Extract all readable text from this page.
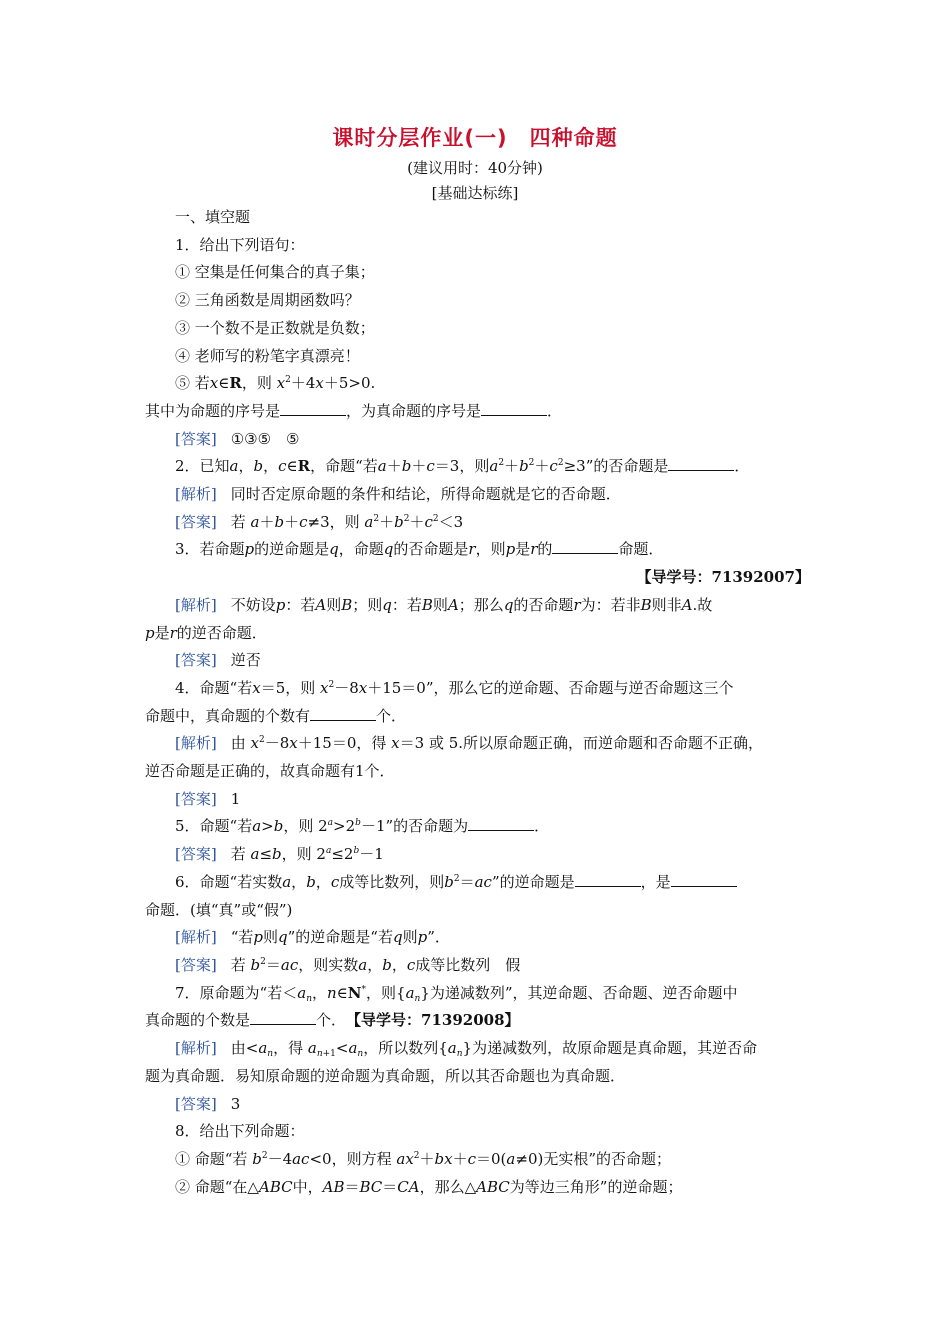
课时分层作业(一) 四种命题
(建议用时：40分钟)
[基础达标练]
一、填空题
1．给出下列语句：
① 空集是任何集合的真子集；
② 三角函数是周期函数吗？
③ 一个数不是正数就是负数；
④ 老师写的粉笔字真漂亮！
⑤ 若x∈R，则 $x^2+4x+5>0$.
其中为命题的序号是	，为真命题的序号是	．
[答案] ①③⑤　⑤
2．已知a，b，c∈R，命题“若a＋b＋c＝3，则$a^2+b^2+c^2\ge 3$”的否命题是	．
[解析] 同时否定原命题的条件和结论，所得命题就是它的否命题．
[答案] 若 a＋b＋c≠3，则 $a^2+b^2+c^2<3$
3．若命题p的逆命题是q，命题q的否命题是r，则p是r的	命题．
【导学号：71392007】
[解析] 不妨设p：若A则B；则q：若B则A；那么q的否命题r为：若非B则非A.故
p是r的逆否命题．
[答案] 逆否
4．命题“若x＝5，则 $x^2-8x+15=0$”，那么它的逆命题、否命题与逆否命题这三个
命题中，真命题的个数有	个．
[解析] 由 $x^2-8x+15=0$，得 x＝3 或 5.所以原命题正确，而逆命题和否命题不正确，
逆否命题是正确的，故真命题有1个．
[答案] 1
5．命题“若a>b，则 $2^a>2^b-1$”的否命题为	．
[答案] 若 a≤b，则 $2^a\le 2^b-1$
6．命题“若实数a，b，c成等比数列，则$b^2=ac$”的逆命题是	，是
命题．(填“真”或“假”)
[解析] “若p则q”的逆命题是“若q则p”．
[答案] 若 $b^2=ac$，则实数a，b，c成等比数列　假
7．原命题为“若$<a_n$，n∈N*，则$\{a_n\}$为递减数列”，其逆命题、否命题、逆否命题中
真命题的个数是	个．　 【导学号：71392008】
[解析] 由$<a_n$，得 $a_{n+1}<a_n$，所以数列$\{a_n\}$为递减数列，故原命题是真命题，其逆否命
题为真命题．易知原命题的逆命题为真命题，所以其否命题也为真命题．
[答案] 3
8．给出下列命题：
① 命题“若 $b^2-4ac<0$，则方程 $ax^2+bx+c=0(a\ne 0)$无实根”的否命题；
② 命题“在△ABC中，AB＝BC＝CA，那么△ABC为等边三角形”的逆命题；
